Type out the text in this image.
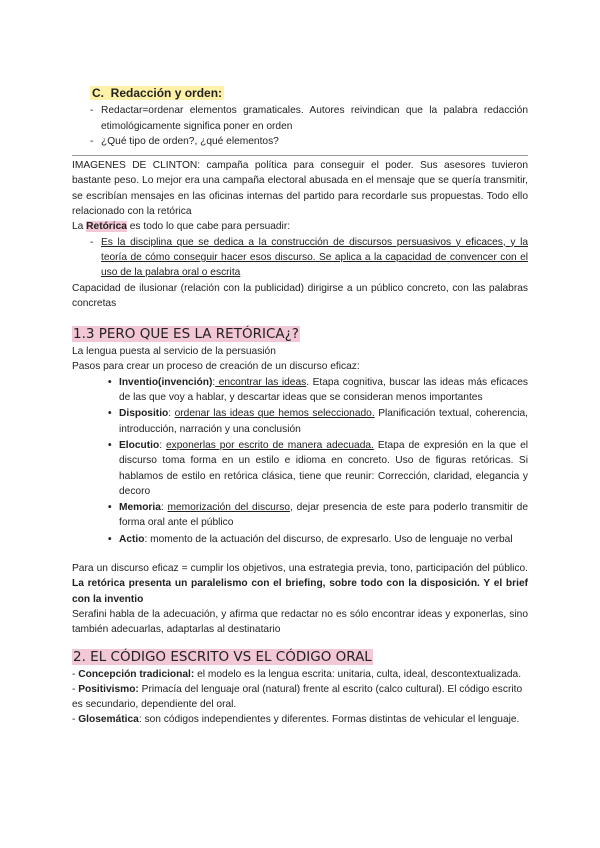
C. Redacción y orden:
- Redactar=ordenar elementos gramaticales. Autores reivindican que la palabra redacción etimológicamente significa poner en orden
- ¿Qué tipo de orden?, ¿qué elementos?
IMAGENES DE CLINTON: campaña política para conseguir el poder. Sus asesores tuvieron bastante peso. Lo mejor era una campaña electoral abusada en el mensaje que se quería transmitir, se escribían mensajes en las oficinas internas del partido para recordarle sus propuestas. Todo ello relacionado con la retórica
La Retórica es todo lo que cabe para persuadir:
- Es la disciplina que se dedica a la construcción de discursos persuasivos y eficaces, y la teoría de cómo conseguir hacer esos discurso. Se aplica a la capacidad de convencer con el uso de la palabra oral o escrita
Capacidad de ilusionar (relación con la publicidad) dirigirse a un público concreto, con las palabras concretas
1.3 PERO QUE ES LA RETÓRICA¿?
La lengua puesta al servicio de la persuasión
Pasos para crear un proceso de creación de un discurso eficaz:
• Inventio(invención): encontrar las ideas. Etapa cognitiva, buscar las ideas más eficaces de las que voy a hablar, y descartar ideas que se consideran menos importantes
• Dispositio: ordenar las ideas que hemos seleccionado. Planificación textual, coherencia, introducción, narración y una conclusión
• Elocutio: exponerlas por escrito de manera adecuada. Etapa de expresión en la que el discurso toma forma en un estilo e idioma en concreto. Uso de figuras retóricas. Si hablamos de estilo en retórica clásica, tiene que reunir: Corrección, claridad, elegancia y decoro
• Memoria: memorización del discurso, dejar presencia de este para poderlo transmitir de forma oral ante el público
• Actio: momento de la actuación del discurso, de expresarlo. Uso de lenguaje no verbal
Para un discurso eficaz = cumplir los objetivos, una estrategia previa, tono, participación del público. La retórica presenta un paralelismo con el briefing, sobre todo con la disposición. Y el brief con la inventio
Serafini habla de la adecuación, y afirma que redactar no es sólo encontrar ideas y exponerlas, sino también adecuarlas, adaptarlas al destinatario
2. EL CÓDIGO ESCRITO VS EL CÓDIGO ORAL
- Concepción tradicional: el modelo es la lengua escrita: unitaria, culta, ideal, descontextualizada.
- Positivismo: Primacía del lenguaje oral (natural) frente al escrito (calco cultural). El código escrito es secundario, dependiente del oral.
- Glosemática: son códigos independientes y diferentes. Formas distintas de vehicular el lenguaje.
